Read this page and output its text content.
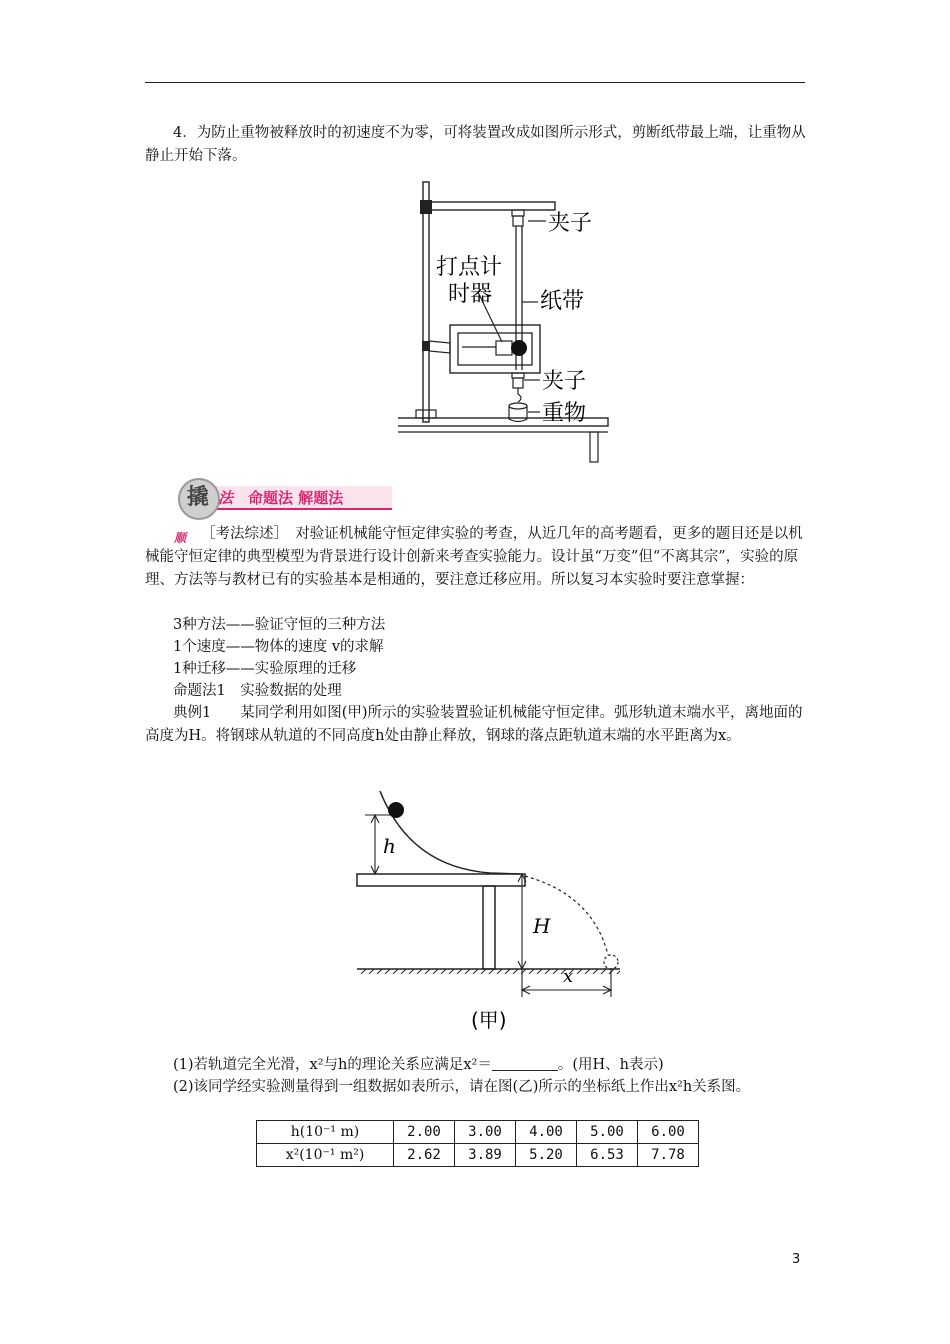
4．为防止重物被释放时的初速度不为零，可将装置改成如图所示形式，剪断纸带最上端，让重物从静止开始下落。
夹子
打点计
时器 纸带
夹子
重物
撬 法 命题法 解题法
顺	［考法综述］　对验证机械能守恒定律实验的考查，从近几年的高考题看，更多的题目还是以机械能守恒定律的典型模型为背景进行设计创新来考查实验能力。设计虽“万变”但“不离其宗”，实验的原理、方法等与教材已有的实验基本是相通的，要注意迁移应用。所以复习本实验时要注意掌握：
3种方法——验证守恒的三种方法
1个速度——物体的速度 v的求解
1种迁移——实验原理的迁移
命题法1　实验数据的处理
典例1　　某同学利用如图(甲)所示的实验装置验证机械能守恒定律。弧形轨道末端水平，离地面的高度为H。将钢球从轨道的不同高度h处由静止释放，钢球的落点距轨道末端的水平距离为x。
h
H
x
(甲)
(1)若轨道完全光滑，x²与h的理论关系应满足x²＝	。(用H、h表示)
(2)该同学经实验测量得到一组数据如表所示，请在图(乙)所示的坐标纸上作出x²h关系图。
h(10⁻¹ m)	2.00	3.00	4.00	5.00	6.00
x²(10⁻¹ m²)	2.62	3.89	5.20	6.53	7.78
3
